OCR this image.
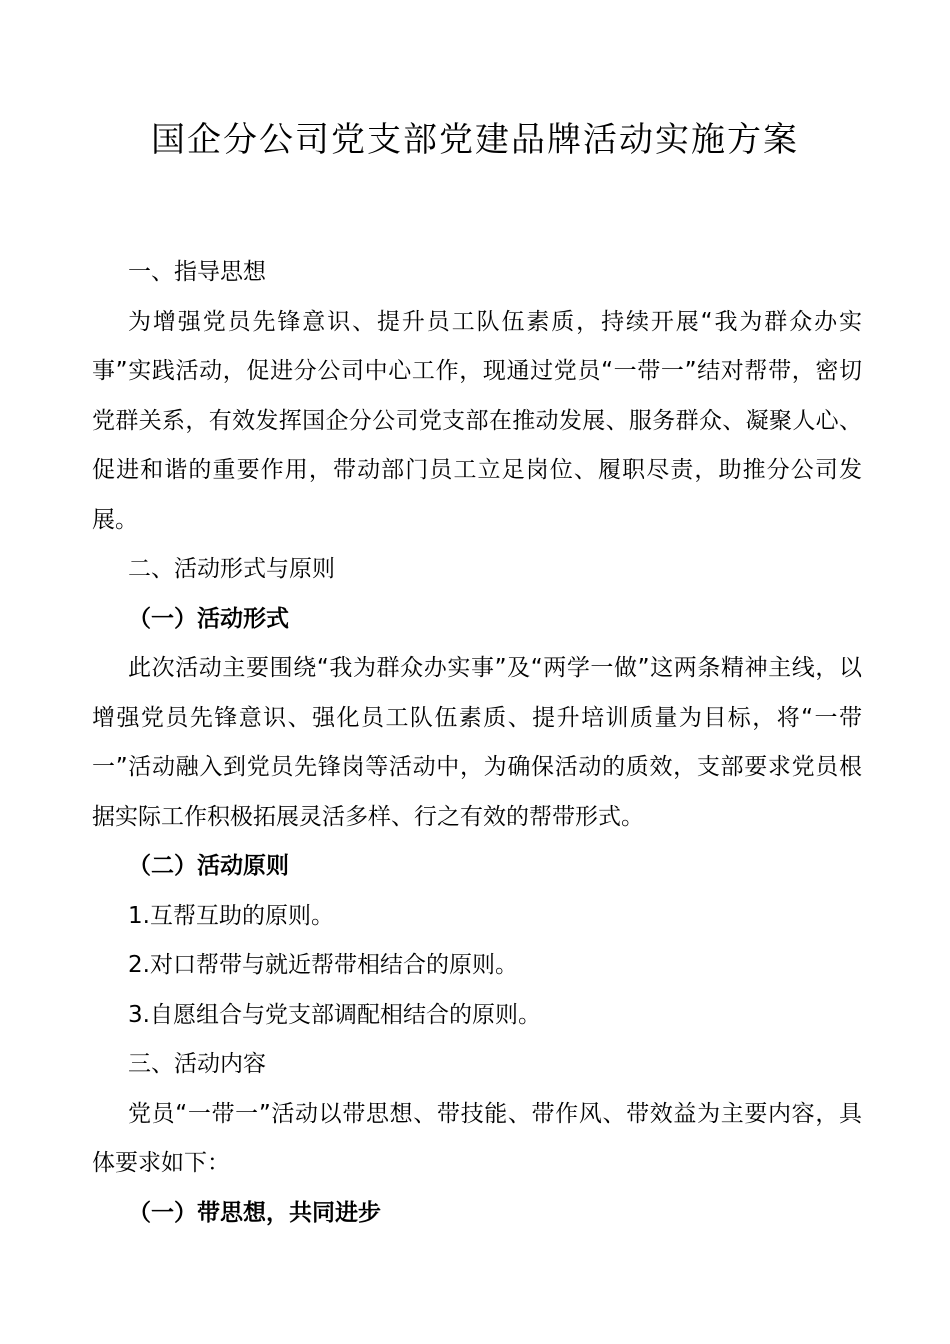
国企分公司党支部党建品牌活动实施方案

一、指导思想

为增强党员先锋意识、提升员工队伍素质，持续开展“我为群众办实事”实践活动，促进分公司中心工作，现通过党员“一带一”结对帮带，密切党群关系，有效发挥国企分公司党支部在推动发展、服务群众、凝聚人心、促进和谐的重要作用，带动部门员工立足岗位、履职尽责，助推分公司发展。

二、活动形式与原则

（一）活动形式

此次活动主要围绕“我为群众办实事”及“两学一做”这两条精神主线，以增强党员先锋意识、强化员工队伍素质、提升培训质量为目标，将“一带一”活动融入到党员先锋岗等活动中，为确保活动的质效，支部要求党员根据实际工作积极拓展灵活多样、行之有效的帮带形式。

（二）活动原则

1.互帮互助的原则。

2.对口帮带与就近帮带相结合的原则。

3.自愿组合与党支部调配相结合的原则。

三、活动内容

党员“一带一”活动以带思想、带技能、带作风、带效益为主要内容，具体要求如下：

（一）带思想，共同进步
